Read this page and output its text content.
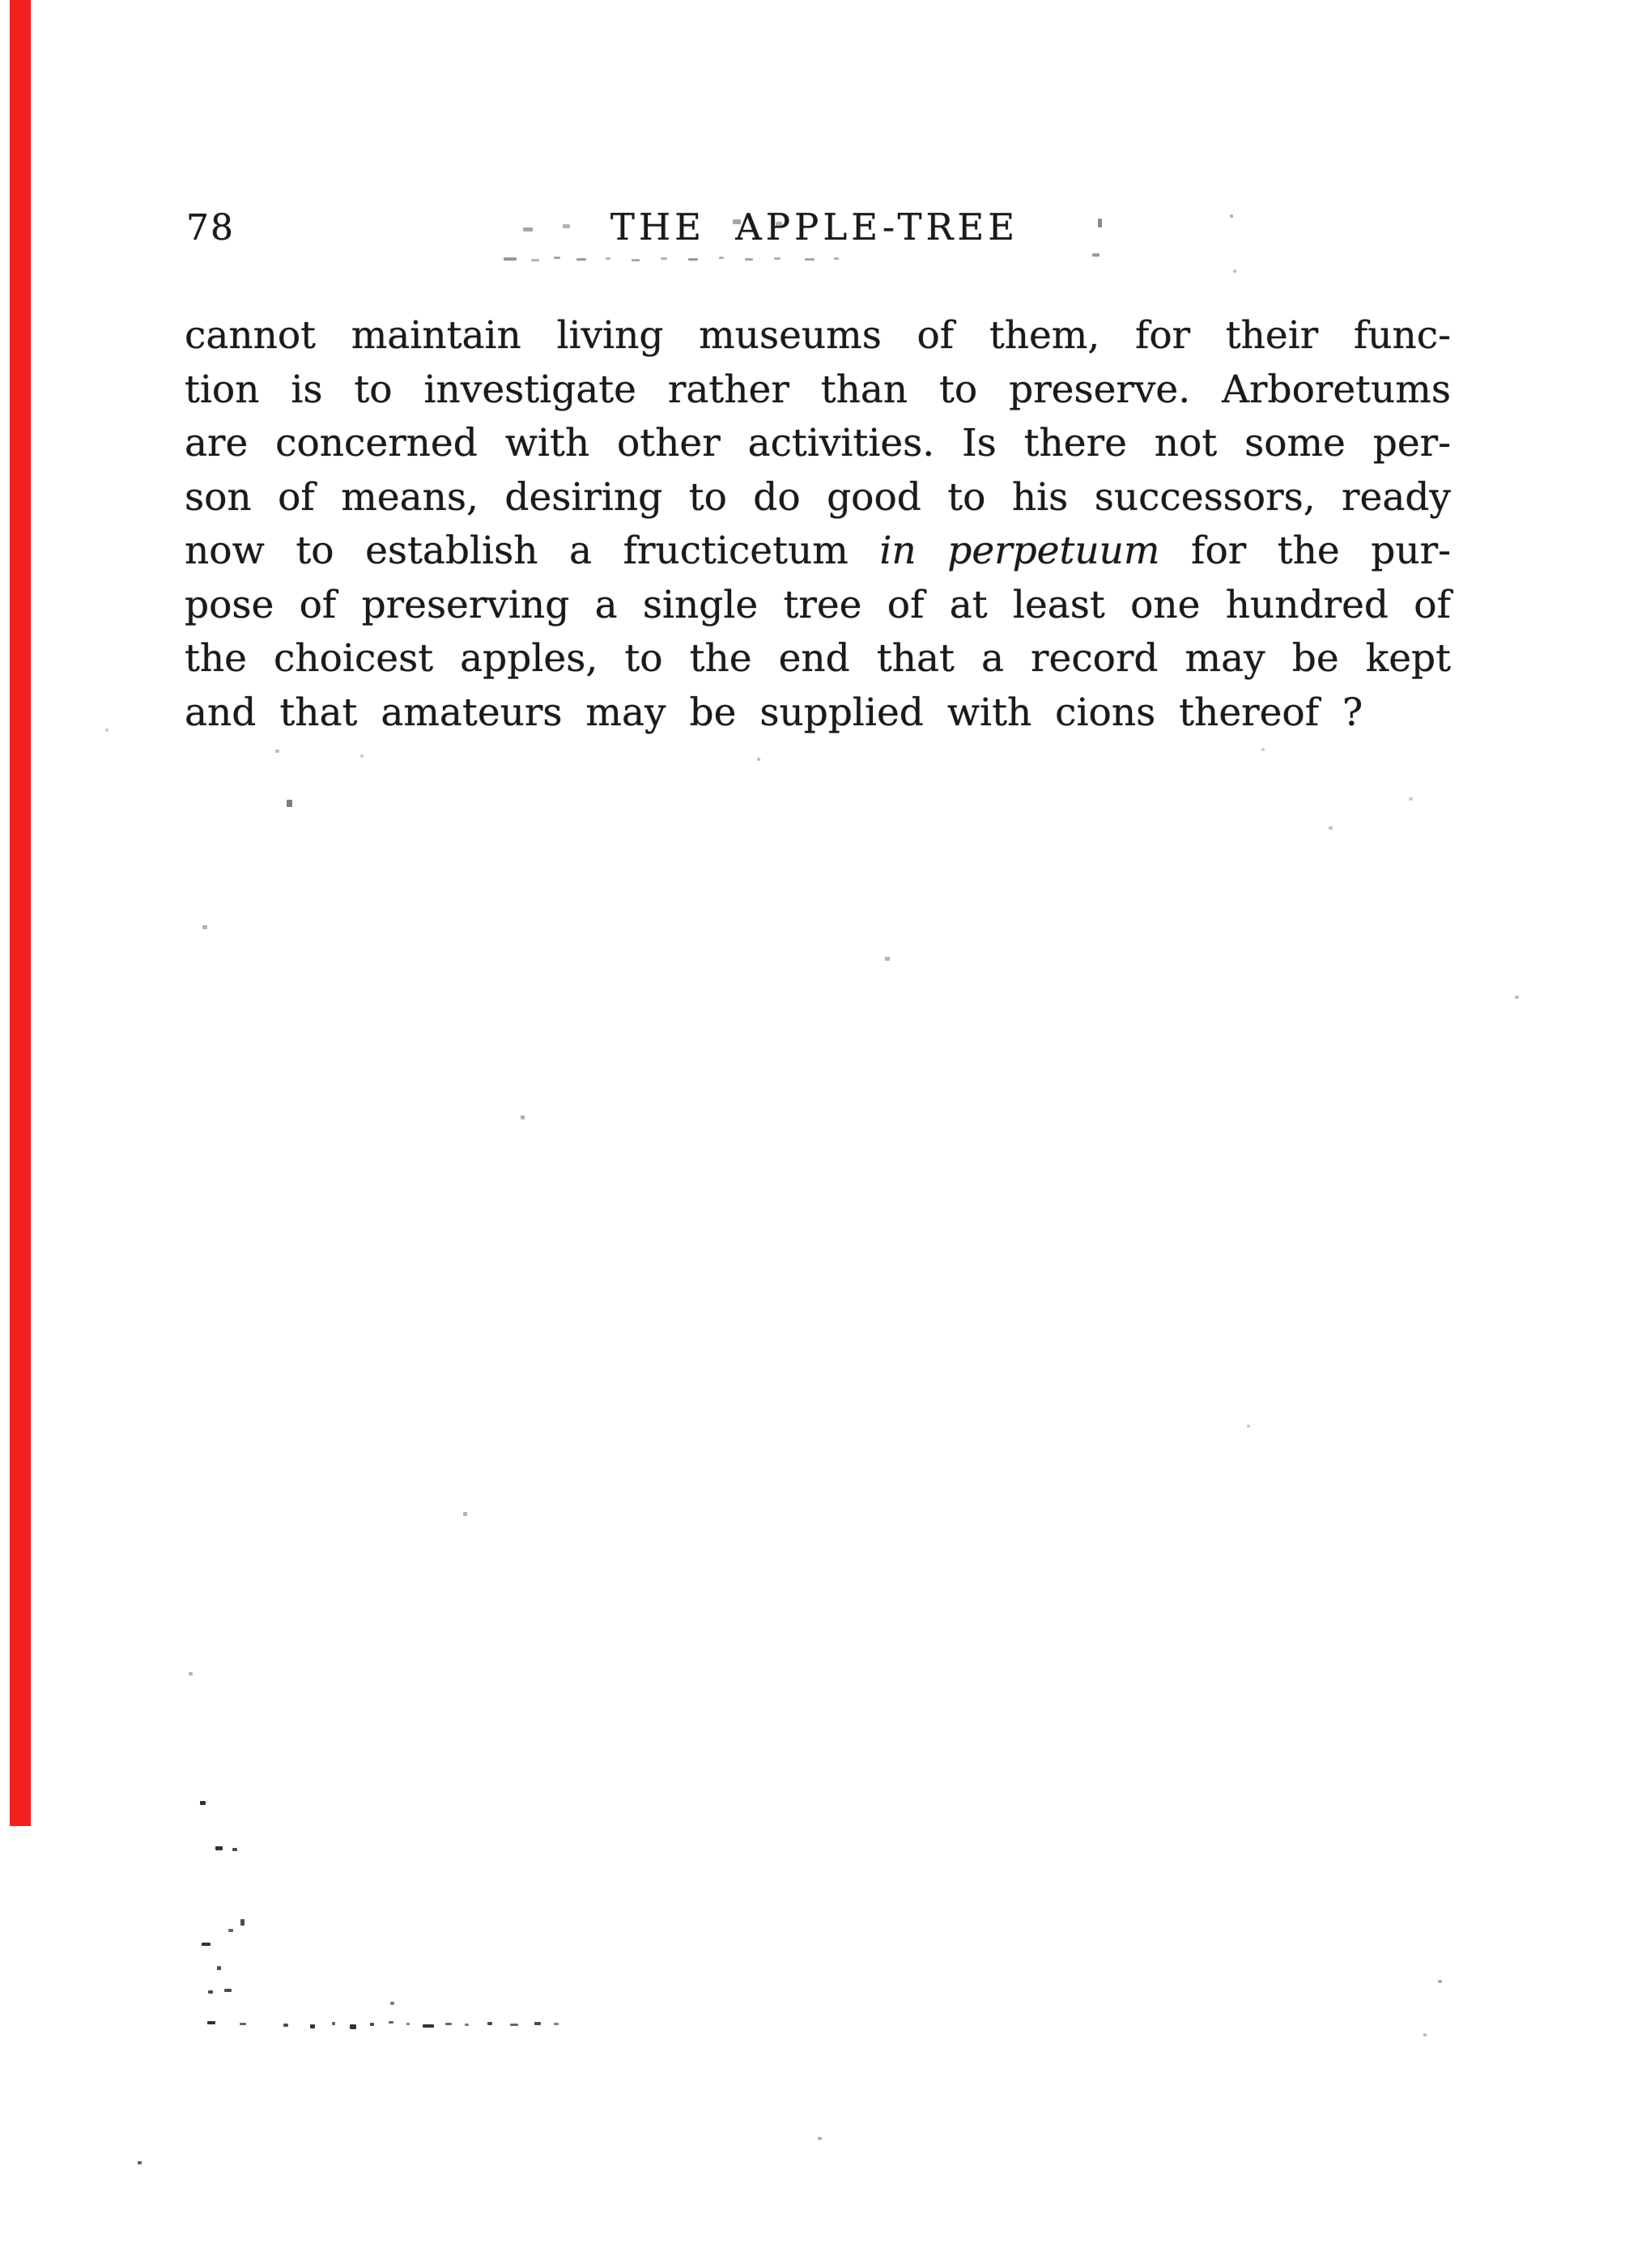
78	THE APPLE-TREE
cannot maintain living museums of them, for their func-
tion is to investigate rather than to preserve. Arboretums
are concerned with other activities. Is there not some per-
son of means, desiring to do good to his successors, ready
now to establish a fructicetum in perpetuum for the pur-
pose of preserving a single tree of at least one hundred of
the choicest apples, to the end that a record may be kept
and that amateurs may be supplied with cions thereof ?
